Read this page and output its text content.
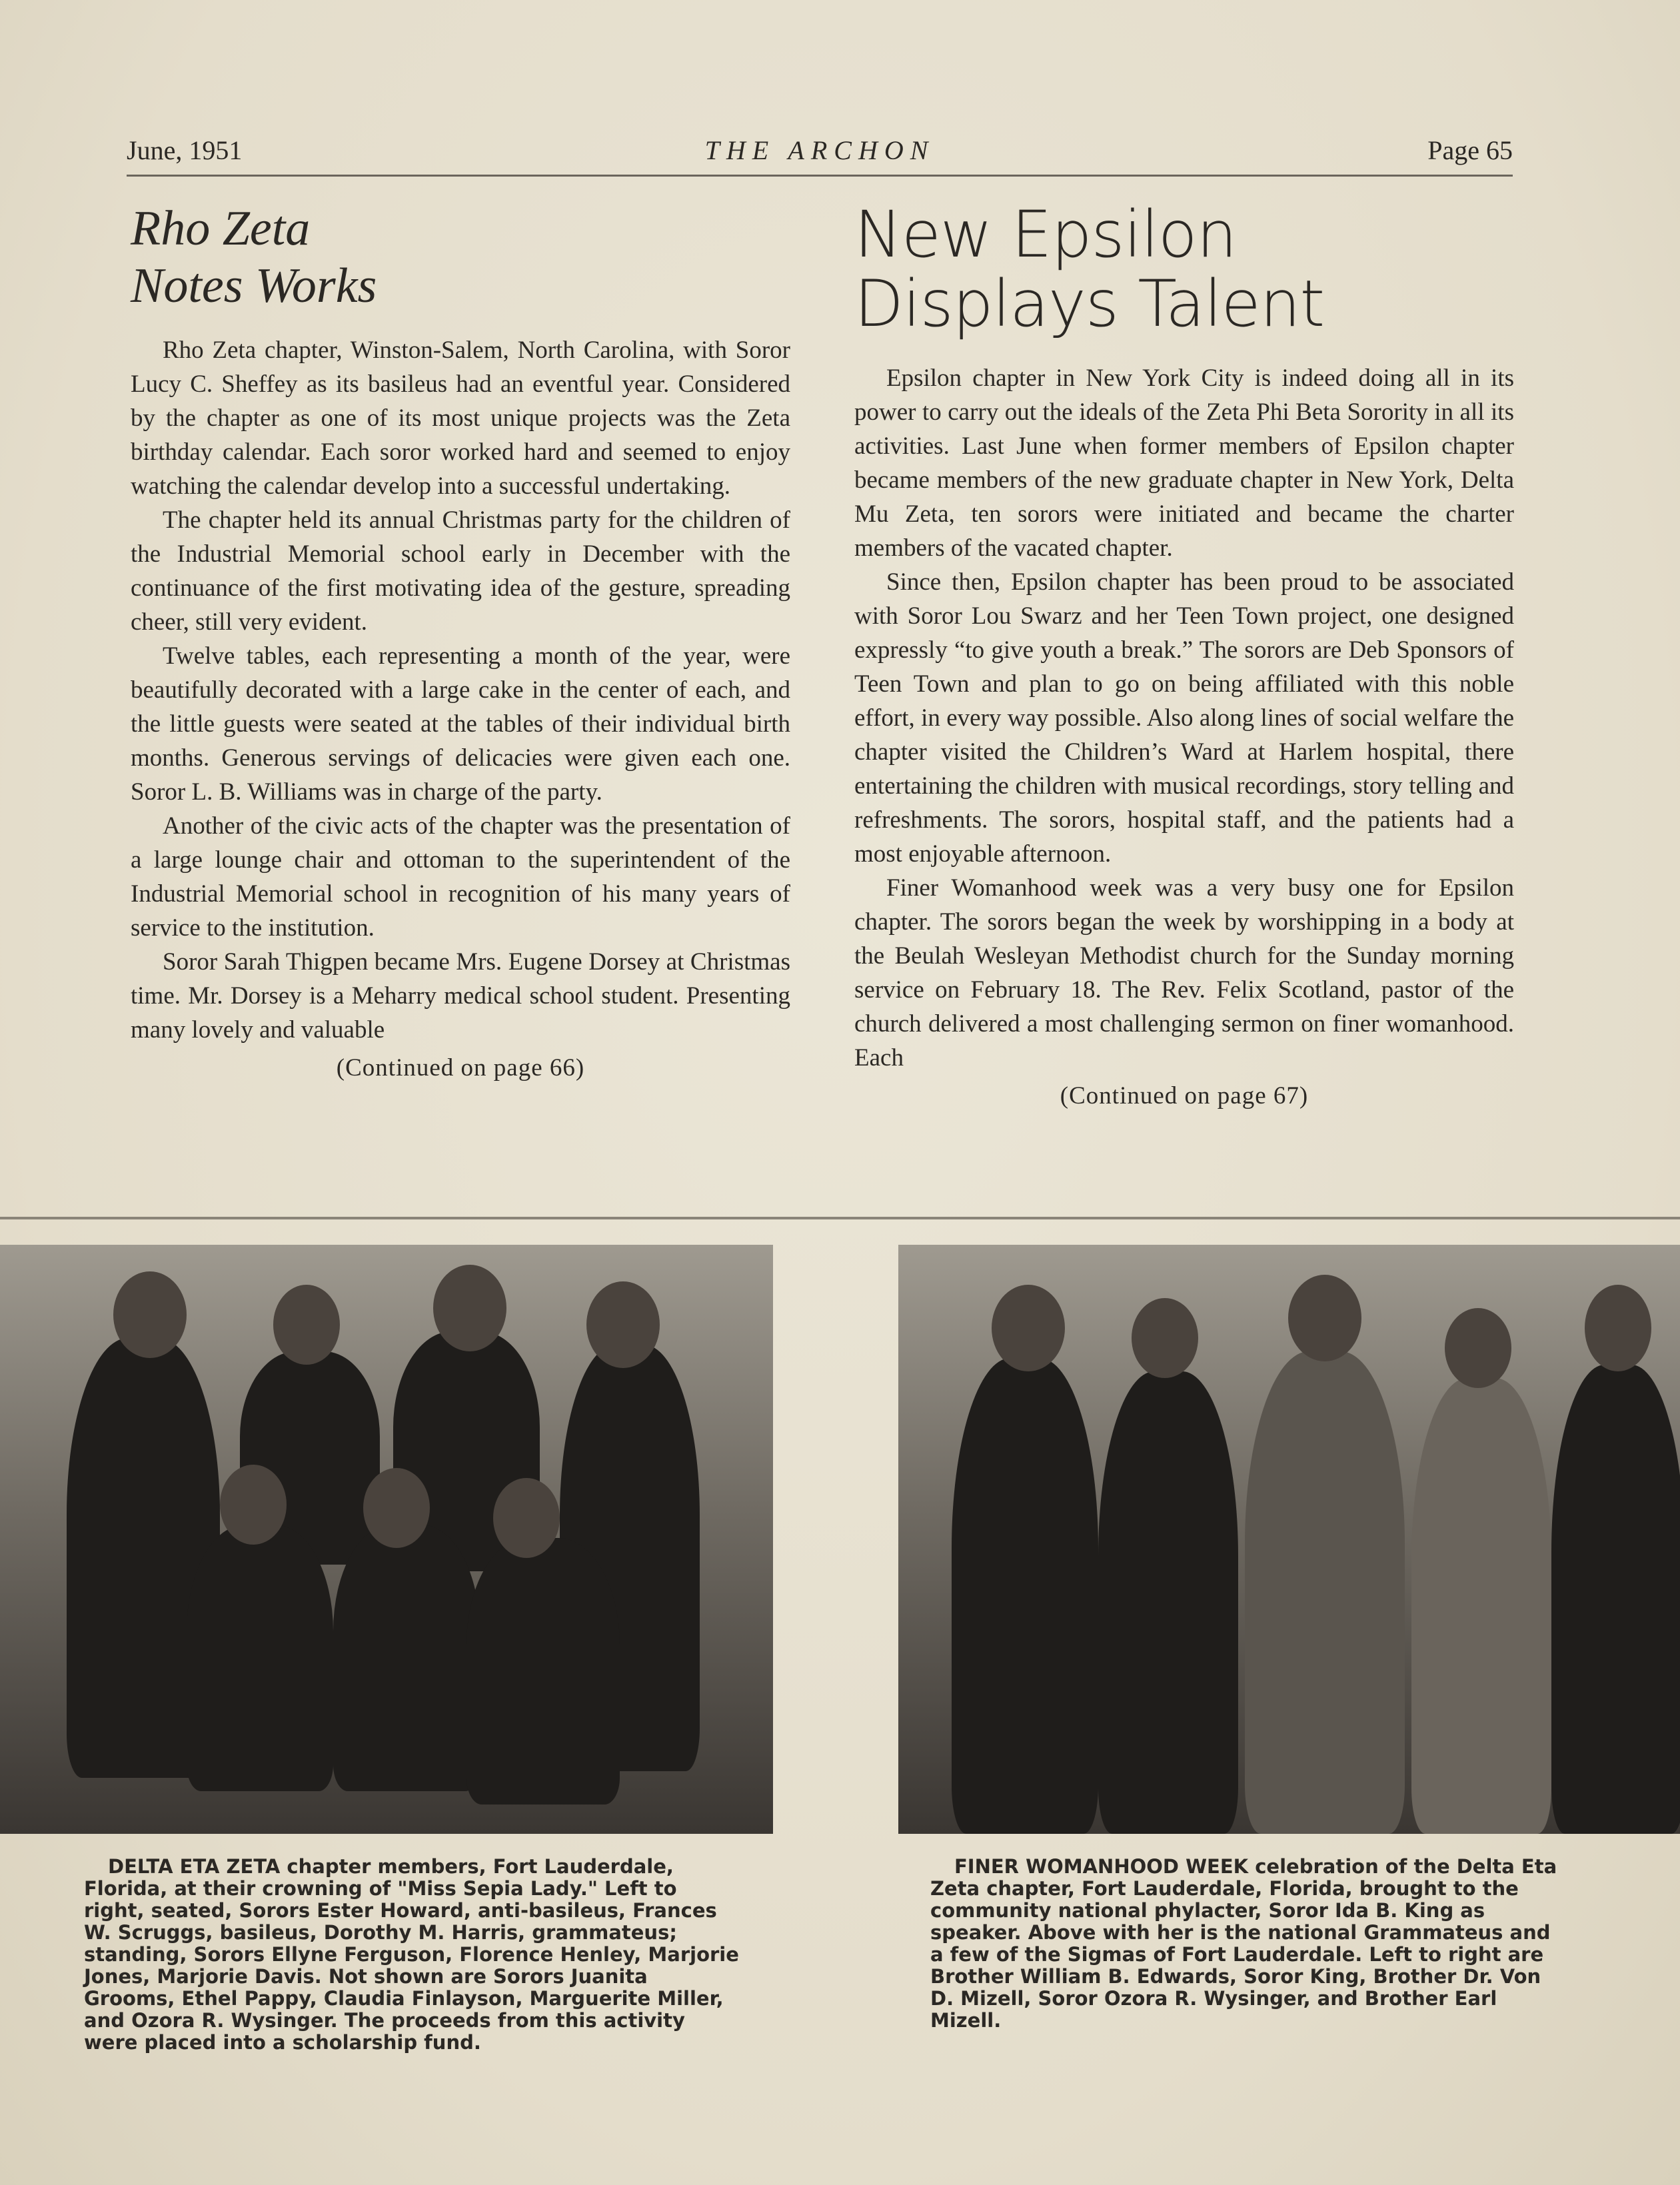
June, 1951	THE ARCHON	Page 65
Rho Zeta
Notes Works

Rho Zeta chapter, Winston-Salem, North Carolina, with Soror Lucy C. Sheffey as its basileus had an eventful year. Considered by the chapter as one of its most unique projects was the Zeta birthday calendar. Each soror worked hard and seemed to enjoy watching the calendar develop into a successful undertaking.

The chapter held its annual Christmas party for the children of the Industrial Memorial school early in December with the continuance of the first motivating idea of the gesture, spreading cheer, still very evident.

Twelve tables, each representing a month of the year, were beautifully decorated with a large cake in the center of each, and the little guests were seated at the tables of their individual birth months. Generous servings of delicacies were given each one. Soror L. B. Williams was in charge of the party.

Another of the civic acts of the chapter was the presentation of a large lounge chair and ottoman to the superintendent of the Industrial Memorial school in recognition of his many years of service to the institution.

Soror Sarah Thigpen became Mrs. Eugene Dorsey at Christmas time. Mr. Dorsey is a Meharry medical school student. Presenting many lovely and valuable

(Continued on page 66)
New Epsilon
Displays Talent

Epsilon chapter in New York City is indeed doing all in its power to carry out the ideals of the Zeta Phi Beta Sorority in all its activities. Last June when former members of Epsilon chapter became members of the new graduate chapter in New York, Delta Mu Zeta, ten sorors were initiated and became the charter members of the vacated chapter.

Since then, Epsilon chapter has been proud to be associated with Soror Lou Swarz and her Teen Town project, one designed expressly “to give youth a break.” The sorors are Deb Sponsors of Teen Town and plan to go on being affiliated with this noble effort, in every way possible. Also along lines of social welfare the chapter visited the Children’s Ward at Harlem hospital, there entertaining the children with musical recordings, story telling and refreshments. The sorors, hospital staff, and the patients had a most enjoyable afternoon.

Finer Womanhood week was a very busy one for Epsilon chapter. The sorors began the week by worshipping in a body at the Beulah Wesleyan Methodist church for the Sunday morning service on February 18. The Rev. Felix Scotland, pastor of the church delivered a most challenging sermon on finer womanhood. Each

(Continued on page 67)
DELTA ETA ZETA chapter members, Fort Lauderdale, Florida, at their crowning of "Miss Sepia Lady." Left to right, seated, Sorors Ester Howard, anti-basileus, Frances W. Scruggs, basileus, Dorothy M. Harris, grammateus; standing, Sorors Ellyne Ferguson, Florence Henley, Marjorie Jones, Marjorie Davis. Not shown are Sorors Juanita Grooms, Ethel Pappy, Claudia Finlayson, Marguerite Miller, and Ozora R. Wysinger. The proceeds from this activity were placed into a scholarship fund.
FINER WOMANHOOD WEEK celebration of the Delta Eta Zeta chapter, Fort Lauderdale, Florida, brought to the community national phylacter, Soror Ida B. King as speaker. Above with her is the national Grammateus and a few of the Sigmas of Fort Lauderdale. Left to right are Brother William B. Edwards, Soror King, Brother Dr. Von D. Mizell, Soror Ozora R. Wysinger, and Brother Earl Mizell.
